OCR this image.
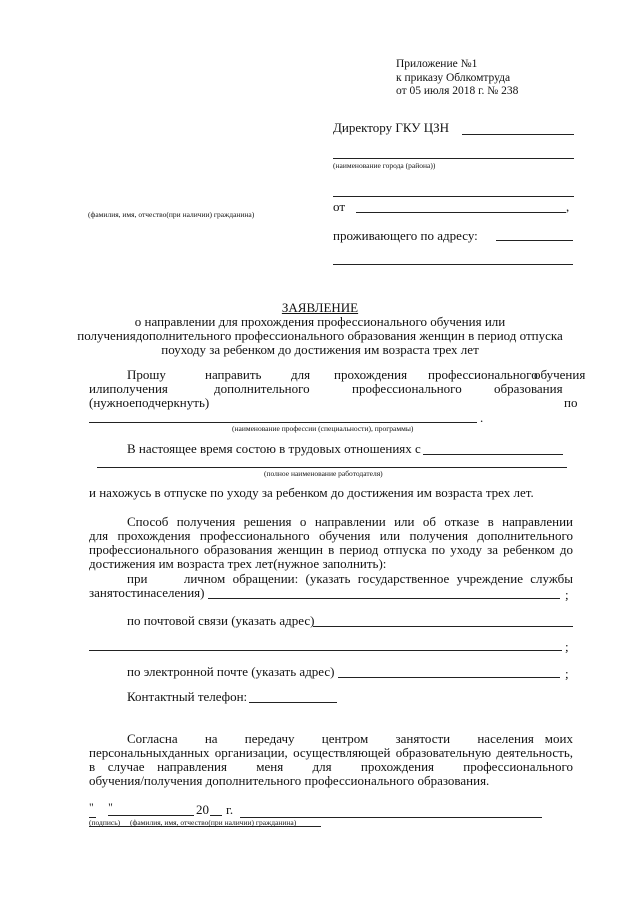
Приложение №1
к приказу Облкомтруда
от 05 июля 2018 г. № 238
Директору ГКУ ЦЗН
(наименование города (района))
от	,
(фамилия, имя, отчество(при наличии) гражданина)
проживающего по адресу:
ЗАЯВЛЕНИЕ
о направлении для прохождения профессионального обучения или
получениядополнительного профессионального образования женщин в период отпуска
поуходу за ребенком до достижения им возраста трех лет
Прошу	направить для прохождения профессионального
обучения
илиполучения	дополнительного	профессионального образования
(нужноеподчеркнуть)	по
.
(наименование профессии (специальности), программы)
В настоящее время состою в трудовых отношениях с
(полное наименование работодателя)
и нахожусь в отпуске по уходу за ребенком до достижения им возраста трех лет.
Способ получения решения о направлении или об отказе в направлении
для прохождения профессионального обучения или получения дополнительного
профессионального образования женщин в период отпуска по уходу за ребенком до
достижения им возраста трех лет(нужное заполнить):
при     личном обращении: (указать государственное учреждение службы
занятостинаселения)	;
по почтовой связи (указать адрес)
;
по электронной почте (указать адрес)	;
Контактный телефон:
Согласна     на     передачу     центром     занятости     населения  моих
персональныхданных организации, осуществляющей образовательную деятельность,
в   случае   направления       меня       для       прохождения       профессионального
обучения/получения дополнительного профессионального образования.
"     "	20 г.
(подпись) (фамилия, имя, отчество(при наличии) гражданина)
